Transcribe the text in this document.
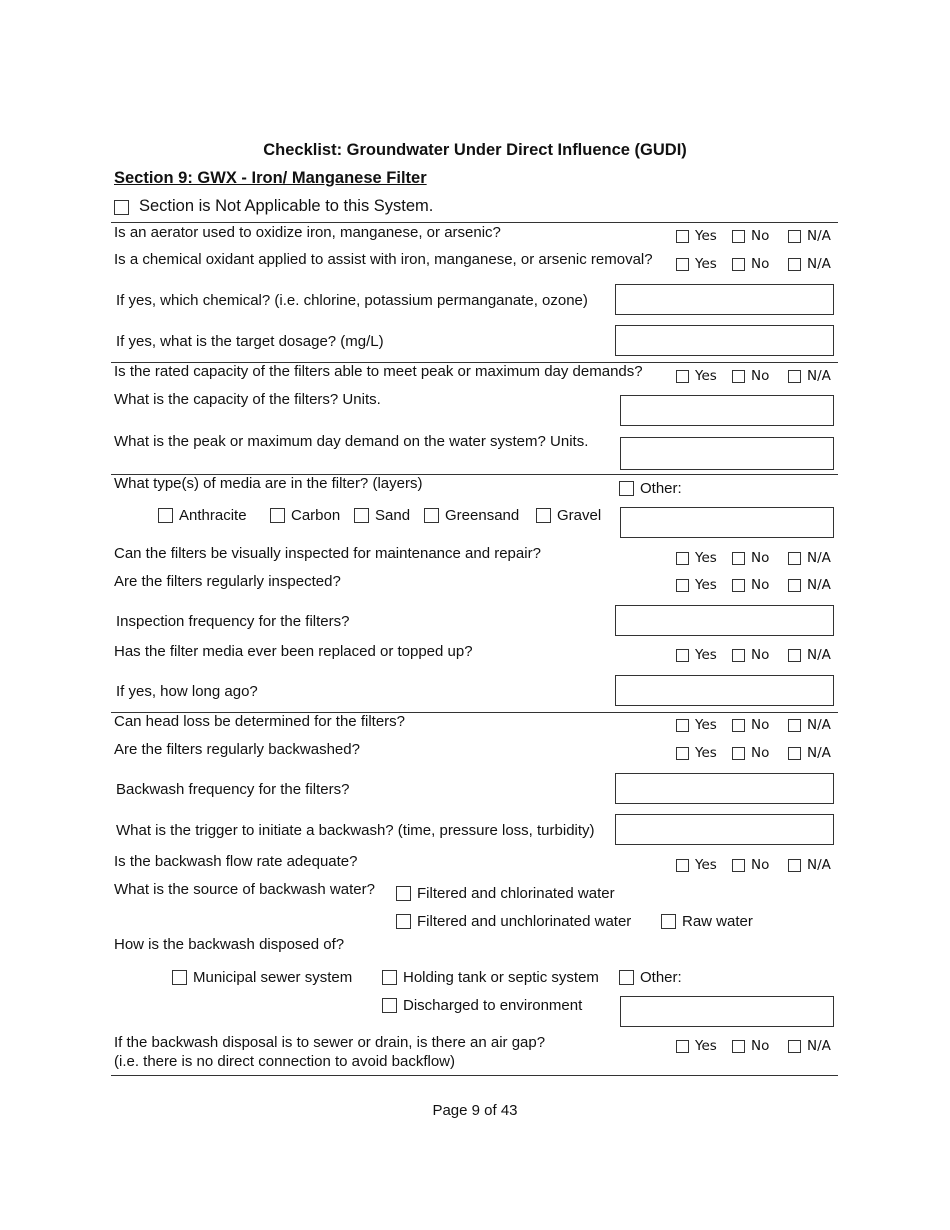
Checklist: Groundwater Under Direct Influence (GUDI)
Section 9: GWX - Iron/ Manganese Filter
Section is Not Applicable to this System.
Is an aerator used to oxidize iron, manganese, or arsenic?	Yes	No	N/A
Is a chemical oxidant applied to assist with iron, manganese, or arsenic removal?	Yes	No	N/A
If yes, which chemical? (i.e. chlorine, potassium permanganate, ozone)
If yes, what is the target dosage? (mg/L)
Is the rated capacity of the filters able to meet peak or maximum day demands?	Yes	No	N/A
What is the capacity of the filters? Units.
What is the peak or maximum day demand on the water system? Units.
What type(s) of media are in the filter? (layers)	Other:
Anthracite	Carbon	Sand	Greensand	Gravel
Can the filters be visually inspected for maintenance and repair?	Yes	No	N/A
Are the filters regularly inspected?	Yes	No	N/A
Inspection frequency for the filters?
Has the filter media ever been replaced or topped up?	Yes	No	N/A
If yes, how long ago?
Can head loss be determined for the filters?	Yes	No	N/A
Are the filters regularly backwashed?	Yes	No	N/A
Backwash frequency for the filters?
What is the trigger to initiate a backwash? (time, pressure loss, turbidity)
Is the backwash flow rate adequate?	Yes	No	N/A
What is the source of backwash water?	Filtered and chlorinated water
Filtered and unchlorinated water	Raw water
How is the backwash disposed of?
Municipal sewer system	Holding tank or septic system	Other:
Discharged to environment
If the backwash disposal is to sewer or drain, is there an air gap?
(i.e. there is no direct connection to avoid backflow)
Yes	No	N/A
Page 9 of 43
